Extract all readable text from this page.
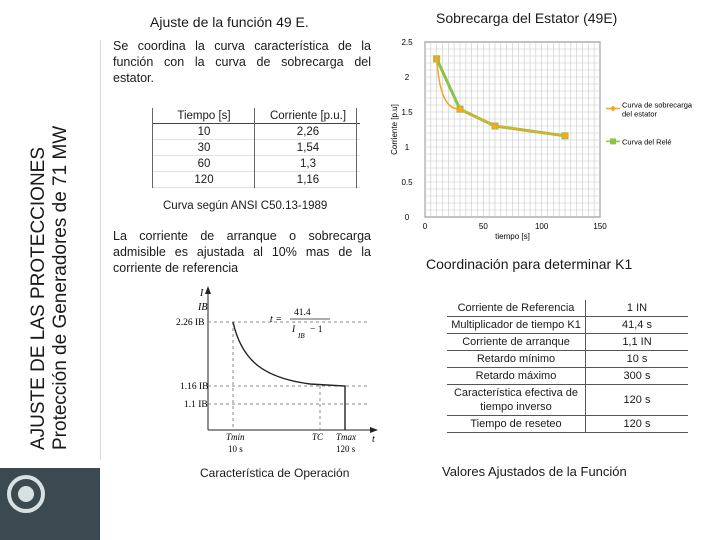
AJUSTE DE LAS PROTECCIONES Protección de Generadores de 71 MW
Ajuste de la función 49 E.
Se coordina la curva característica de la función con la curva de sobrecarga del estator.
Tiempo [s]	Corriente [p.u.]
10	2,26
30	1,54
60	1,3
120	1,16
Curva según ANSI C50.13-1989
La corriente de arranque o sobrecarga admisible es ajustada al 10% mas de la corriente de referencia
I
IB
2.26 IB
1.16 IB
1.1 IB
t =
41.4
I
IB
− 1
Tmin
10 s
TC Tmax
120 s
t
Característica de Operación
Sobrecarga del Estator (49E)
0
0.5
1
1.5
2
2.5
0	50	100	150
tiempo [s]
Corriente [p.u]	Curva de sobrecarga
del estator
Curva del Relé
Coordinación para determinar K1
Corriente de Referencia	1 IN
Multiplicador de tiempo K1	41,4 s
Corriente de arranque	1,1 IN
Retardo mínimo	10 s
Retardo máximo	300 s
Característica efectiva de tiempo inverso	120 s
Tiempo de reseteo	120 s
Valores Ajustados de la Función
